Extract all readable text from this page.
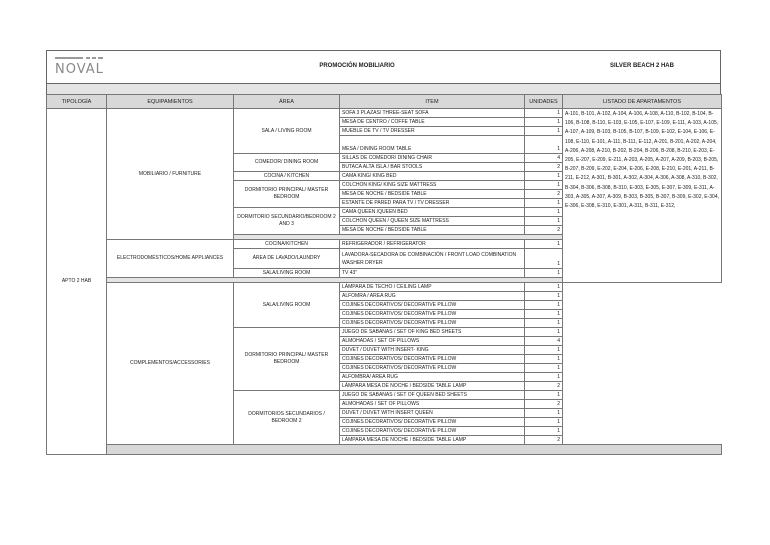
NOVAL	PROMOCIÓN MOBILIARIO	SILVER BEACH 2 HAB
TIPOLOGÍA	EQUIPAMIENTOS	ÁREA	ITEM	UNIDADES	LISTADO DE APARTAMENTOS	
APTO 2 HAB	MOBILIARIO / FURNITURE	SALA / LIVING ROOM	SOFA 3 PLAZAS/ THREE-SEAT SOFA	1	A-101, B-101, A-102, A-104, A-106, A-108, A-110, B-102, B-104, B-106, B-108, B-110, E-103, E-105, E-107, E-109, E-111, A-103, A-105, A-107, A-109, B-103, B-105, B-107, B-109, E-102, E-104, E-106, E-108, E-110, E-101, A-111, B-111, E-112, A-201, B-201, A-202, A-204, A-206, A-208, A-210, B-202, B-204, B-206, B-208, B-210, E-203, E-205, E-207, E-209, E-211, A-203, A-205, A-207, A-209, B-203, B-205, B-207, B-209, E-202, E-204, E-206, E-208, E-210, E-201, A-211, B-211, E-212, A-301, B-301, A-302, A-304, A-306, A-308, A-310, B-302, B-304, B-306, B-308, B-310, E-303, E-305, E-307, E-309, E-311, A-303, A-305, A-307, A-309, B-303, B-305, B-307, B-309, E-302, E-304, E-306, E-308, E-310, E-301, A-311, B-311, E-312,	
			MESA DE CENTRO / COFFE TABLE	1		
			MUEBLE DE TV / TV DRESSER	1		
			MESA / DINING ROOM TABLE	1		
		COMEDOR/ DINING ROOM	SILLAS DE COMEDOR/ DINING CHAIR	4		
			BUTACA ALTA ISLA / BAR STOOLS	2		
		COCINA / KITCHEN	CAMA KING/ KING BED	1		
		DORMITORIO PRINCIPAL/ MASTER BEDROOM	COLCHON KING/ KING SIZE MATTRESS	1		
			MESA DE NOCHE / BEDSIDE TABLE	2		
			ESTANTE DE PARED PARA TV / TV DRESSER	1		
		DORMITORIO SECUNDARIO/BEDROOM 2 AND 3	CAMA QUEEN /QUEEN BED	1		
			COLCHON QUEEN / QUEEN SIZE MATTRESS	1		
			MESA DE NOCHE / BEDSIDE TABLE	2		

	ELECTRODOMÉSTICOS/HOME APPLIANCES	COCINA/KITCHEN	REFRIGERADOR / REFRIGERATOR	1		
		ÁREA DE LAVADO/LAUNDRY	LAVADORA-SECADORA DE COMBINACIÓN / FRONT LOAD COMBINATION WASHER DRYER	1		
		SALA/LIVING ROOM	TV 43"	1		

	COMPLEMENTOS/ACCESSORIES	SALA/LIVING ROOM	LÁMPARA DE TECHO / CEILING LAMP	1		
			ALFOMRA / AREA RUG	1		
			COJINES DECORATIVOS/ DECORATIVE PILLOW	1		
			COJINES DECORATIVOS/ DECORATIVE PILLOW	1		
			COJINES DECORATIVOS/ DECORATIVE PILLOW	1		
		DORMITORIO PRINCIPAL/ MASTER BEDROOM	JUEGO DE SABANAS / SET OF KING BED SHEETS	1		
			ALMOHADAS / SET OF PILLOWS	4		
			DUVET / DUVET WITH INSERT- KING	1		
			COJINES DECORATIVOS/ DECORATIVE PILLOW	1		
			COJINES DECORATIVOS/ DECORATIVE PILLOW	1		
			ALFOMBRA/ AREA RUG	1		
			LÁMPARA MESA DE NOCHE / BEDSIDE TABLE LAMP	2		
		DORMITORIOS SECUNDARIOS / BEDROOM 2	JUEGO DE SABANAS / SET OF QUEEN BED SHEETS	1		
			ALMOHADAS / SET OF PILLOWS	2		
			DUVET / DUVET WITH INSERT QUEEN	1		
			COJINES DECORATIVOS/ DECORATIVE PILLOW	1		
			COJINES DECORATIVOS/ DECORATIVE PILLOW	1		
			LÁMPARA MESA DE NOCHE / BEDSIDE TABLE LAMP	2		
